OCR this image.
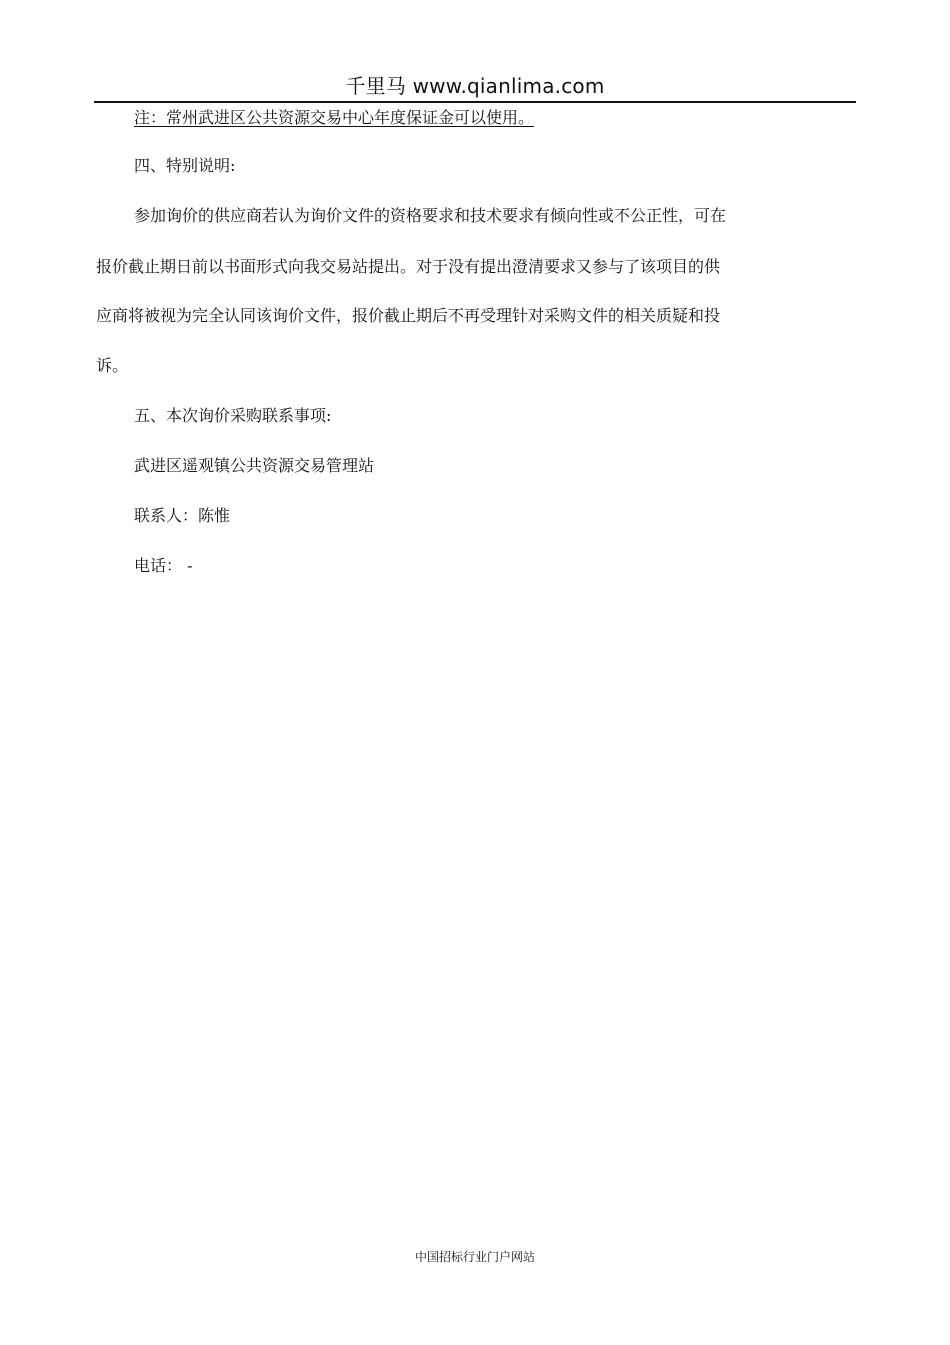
千里马 www.qianlima.com
注：常州武进区公共资源交易中心年度保证金可以使用。
四、特别说明:
参加询价的供应商若认为询价文件的资格要求和技术要求有倾向性或不公正性，可在
报价截止期日前以书面形式向我交易站提出。对于没有提出澄清要求又参与了该项目的供
应商将被视为完全认同该询价文件，报价截止期后不再受理针对采购文件的相关质疑和投
诉。
五、本次询价采购联系事项:
武进区遥观镇公共资源交易管理站
联系人：陈惟
电话： -
中国招标行业门户网站
